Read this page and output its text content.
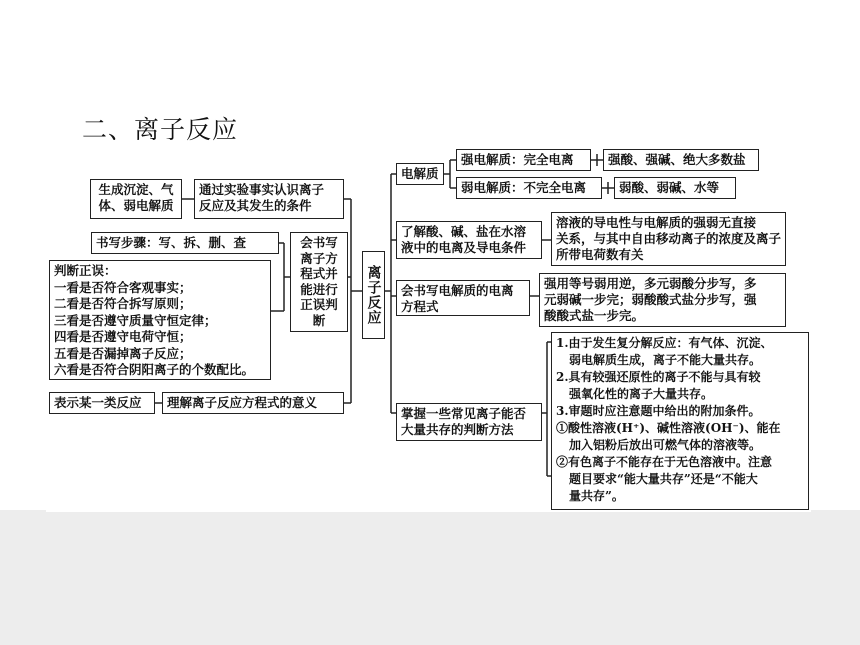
二、离子反应
离子反应
生成沉淀、气
体、弱电解质
通过实验事实认识离子
反应及其发生的条件
书写步骤：写、拆、删、查
判断正误：
一看是否符合客观事实；
二看是否符合拆写原则；
三看是否遵守质量守恒定律；
四看是否遵守电荷守恒；
五看是否漏掉离子反应；
六看是否符合阴阳离子的个数配比。
会书写
离子方
程式并
能进行
正误判
断
表示某一类反应 理解离子反应方程式的意义
电解质
强电解质：完全电离	强酸、强碱、绝大多数盐
弱电解质：不完全电离	弱酸、弱碱、水等
了解酸、碱、盐在水溶
液中的电离及导电条件
溶液的导电性与电解质的强弱无直接
关系，与其中自由移动离子的浓度及离子
所带电荷数有关
会书写电解质的电离
方程式
强用等号弱用逆，多元弱酸分步写，多
元弱碱一步完；弱酸酸式盐分步写，强
酸酸式盐一步完。
掌握一些常见离子能否
大量共存的判断方法
1.由于发生复分解反应：有气体、沉淀、
弱电解质生成，离子不能大量共存。
2.具有较强还原性的离子不能与具有较
强氧化性的离子大量共存。
3.审题时应注意题中给出的附加条件。
①酸性溶液(H⁺)、碱性溶液(OH⁻)、能在
加入铝粉后放出可燃气体的溶液等。
②有色离子不能存在于无色溶液中。注意
题目要求“能大量共存”还是“不能大
量共存”。
